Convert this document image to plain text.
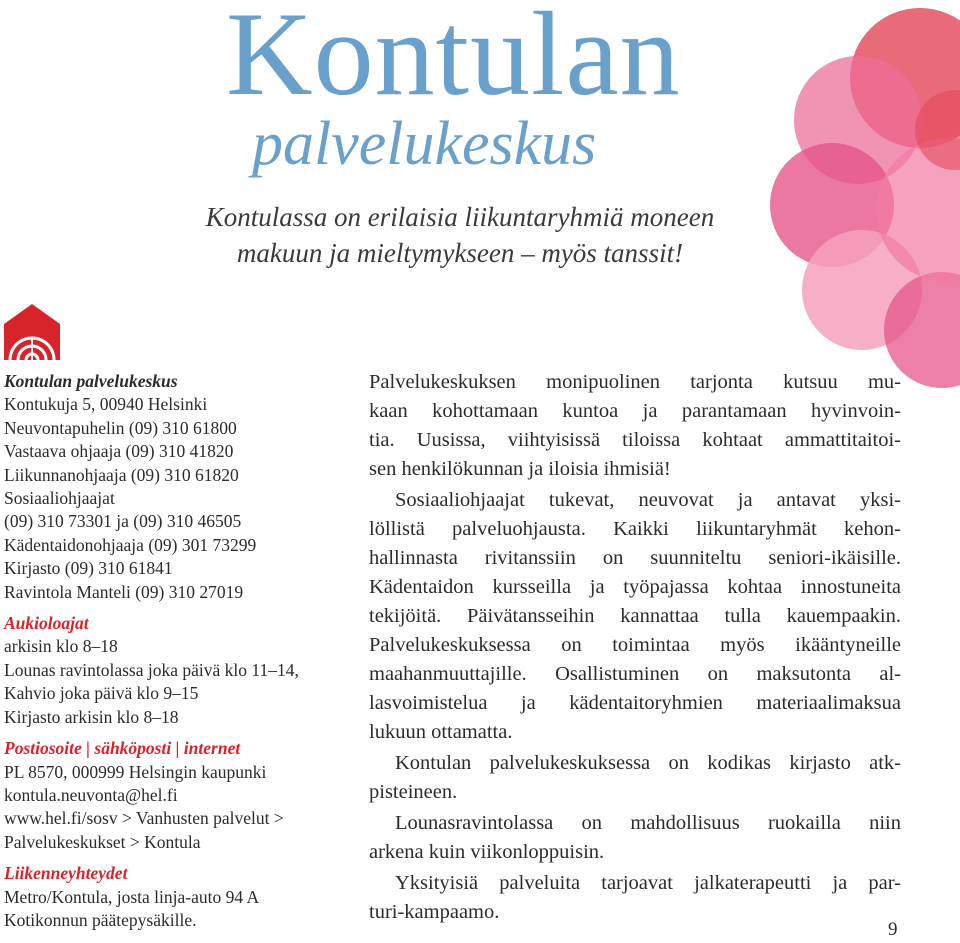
Kontulan
palvelukeskus
Kontulassa on erilaisia liikuntaryhmiä moneen
makuun ja mieltymykseen – myös tanssit!
Kontulan palvelukeskus
Kontukuja 5, 00940 Helsinki
Neuvontapuhelin (09) 310 61800
Vastaava ohjaaja (09) 310 41820
Liikunnanohjaaja (09) 310 61820
Sosiaaliohjaajat
(09) 310 73301 ja (09) 310 46505
Kädentaidonohjaaja (09) 301 73299
Kirjasto (09) 310 61841
Ravintola Manteli (09) 310 27019
Aukioloajat
arkisin klo 8–18
Lounas ravintolassa joka päivä klo 11–14,
Kahvio joka päivä klo 9–15
Kirjasto arkisin klo 8–18
Postiosoite | sähköposti | internet
PL 8570, 000999 Helsingin kaupunki
kontula.neuvonta@hel.fi
www.hel.fi/sosv > Vanhusten palvelut >
Palvelukeskukset > Kontula
Liikenneyhteydet
Metro/Kontula, josta linja-auto 94 A
Kotikonnun päätepysäkille.
Palvelukeskuksen monipuolinen tarjonta kutsuu mu-
kaan kohottamaan kuntoa ja parantamaan hyvinvoin-
tia. Uusissa, viihtyisissä tiloissa kohtaat ammattitaitoi-
sen henkilökunnan ja iloisia ihmisiä!
Sosiaaliohjaajat tukevat, neuvovat ja antavat yksi-
löllistä palveluohjausta. Kaikki liikuntaryhmät kehon-
hallinnasta rivitanssiin on suunniteltu seniori-ikäisille.
Kädentaidon kursseilla ja työpajassa kohtaa innostuneita
tekijöitä. Päivätansseihin kannattaa tulla kauempaakin.
Palvelukeskuksessa on toimintaa myös ikääntyneille
maahanmuuttajille. Osallistuminen on maksutonta al-
lasvoimistelua ja kädentaitoryhmien materiaalimaksua
lukuun ottamatta.
Kontulan palvelukeskuksessa on kodikas kirjasto atk-
pisteineen.
Lounasravintolassa on mahdollisuus ruokailla niin
arkena kuin viikonloppuisin.
Yksityisiä palveluita tarjoavat jalkaterapeutti ja par-
turi-kampaamo.
9
